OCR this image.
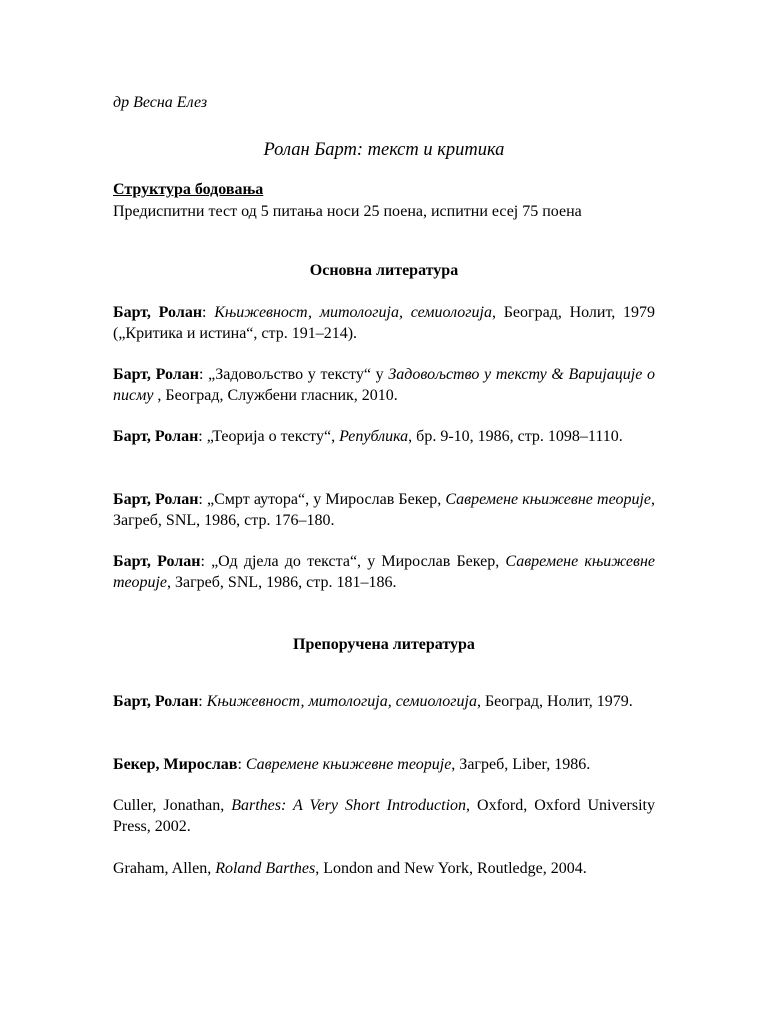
др Весна Елез
Ролан Барт: текст и критика
Структура бодовања
Предиспитни тест од 5 питања носи 25 поена, испитни есеј 75 поена
Основна литература
Барт, Ролан: Књижевност, митологија, семиологија, Београд, Нолит, 1979 („Критика и истина“, стр. 191–214).
Барт, Ролан: „Задовољство у тексту“ у Задовољство у тексту & Варијације о писму , Београд, Службени гласник, 2010.
Барт, Ролан: „Теорија о тексту“, Република, бр. 9-10, 1986, стр. 1098–1110.
Барт, Ролан: „Смрт аутора“, у Мирослав Бекер, Савремене књижевне теорије, Загреб, SNL, 1986, стр. 176–180.
Барт, Ролан: „Од дјела до текста“, у Мирослав Бекер, Савремене књижевне теорије, Загреб, SNL, 1986, стр. 181–186.
Препоручена литература
Барт, Ролан: Књижевност, митологија, семиологија, Београд, Нолит, 1979.
Бекер, Мирослав: Савремене књижевне теорије, Загреб, Liber, 1986.
Culler, Jonathan, Barthes: A Very Short Introduction, Oxford, Oxford University Press, 2002.
Graham, Allen, Roland Barthes, London and New York, Routledge, 2004.
